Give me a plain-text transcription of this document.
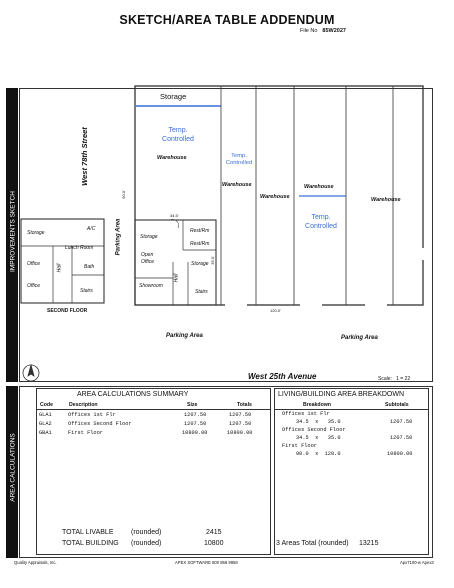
SKETCH/AREA TABLE ADDENDUM
File No 85W2027
IMPROVEMENTS SKETCH
AREA CALCULATIONS
Storage
Temp.
Controlled
Temp.
Controlled
Temp.
Controlled
Warehouse
Warehouse
Warehouse
Warehouse
Warehouse
West 78th Street
Parking Area
90.0'
34.5'
35.0'
120.0'
Rest/Rm
Rest/Rm
Storage
Open
Office	Storage
Hall
Showroom
Stairs
Storage
A/C
Lunch Room
Office	Hall	Bath
Office
Stairs
SECOND FLOOR
Parking Area	Parking Area
West 25th Avenue	Scale: 1 = 22
AREA CALCULATIONS SUMMARY
Code	Description	Size	Totals
GLA1	Offices 1st Flr	1207.50	1207.50
GLA2	Offices Second Floor	1207.50	1207.50
GBA1	First Floor	10800.00	10800.00
TOTAL LIVABLE	(rounded)	2415
TOTAL BUILDING (rounded)	10800
LIVING/BUILDING AREA BREAKDOWN
Breakdown	Subtotals
Offices 1st Flr
34.5  x   35.0	1207.50
Offices Second Floor
34.5  x   35.0	1207.50
First Floor
90.0  x  120.0	10800.00
3 Areas Total (rounded) 13215
Quality Appraisals, Inc.	APEX SOFTWARE 800 858 9958	Apx7100-w Apex3
